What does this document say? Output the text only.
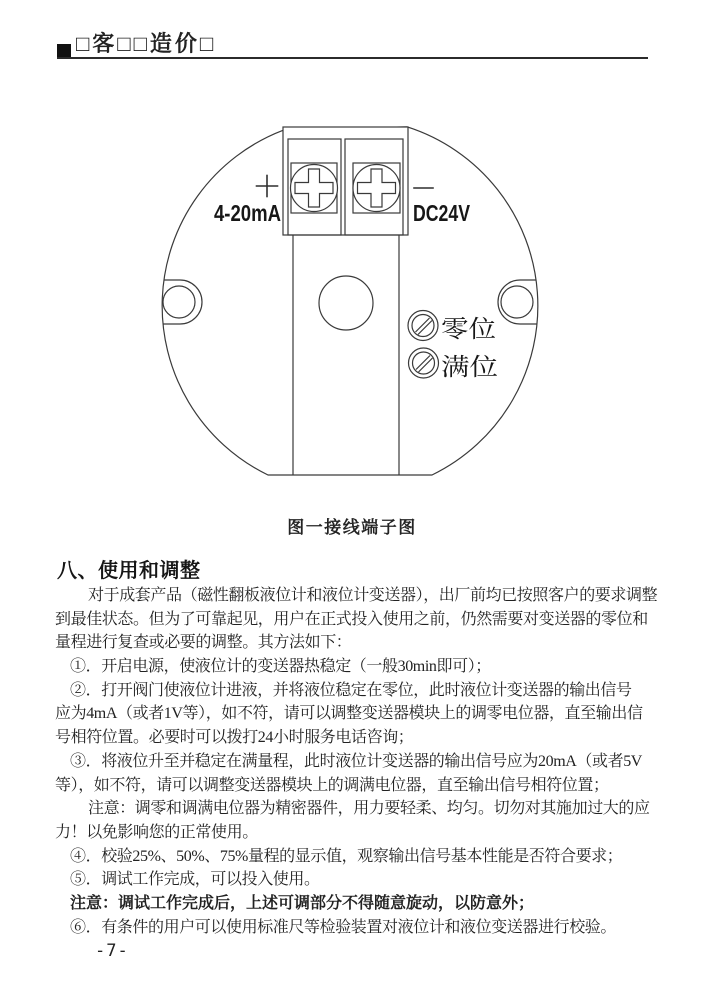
□客□□造价□
4-20mA	DC24V
零位
满位
图一接线端子图
八、使用和调整
对于成套产品（磁性翻板液位计和液位计变送器），出厂前均已按照客户的要求调整
到最佳状态。但为了可靠起见，用户在正式投入使用之前，仍然需要对变送器的零位和
量程进行复查或必要的调整。其方法如下：
①．开启电源，使液位计的变送器热稳定（一般30min即可）；
②．打开阀门使液位计进液，并将液位稳定在零位，此时液位计变送器的输出信号
应为4mA（或者1V等），如不符，请可以调整变送器模块上的调零电位器，直至输出信
号相符位置。必要时可以拨打24小时服务电话咨询；
③．将液位升至并稳定在满量程，此时液位计变送器的输出信号应为20mA（或者5V
等），如不符，请可以调整变送器模块上的调满电位器，直至输出信号相符位置；
注意：调零和调满电位器为精密器件，用力要轻柔、均匀。切勿对其施加过大的应
力！以免影响您的正常使用。
④．校验25%、50%、75%量程的显示值，观察输出信号基本性能是否符合要求；
⑤．调试工作完成，可以投入使用。
注意：调试工作完成后，上述可调部分不得随意旋动，以防意外；
⑥．有条件的用户可以使用标准尺等检验装置对液位计和液位变送器进行校验。
-7-
